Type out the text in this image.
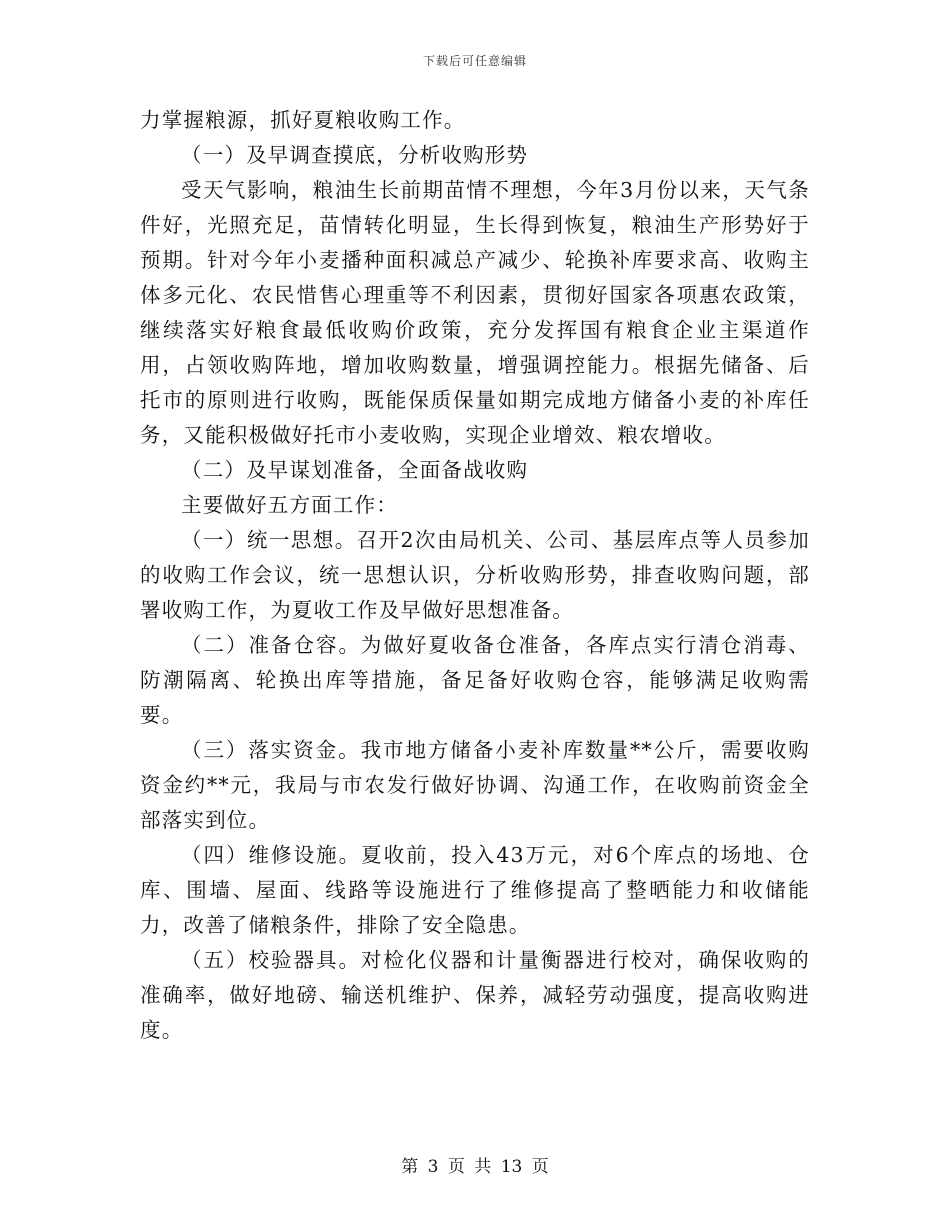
下载后可任意编辑

力掌握粮源，抓好夏粮收购工作。

（一）及早调查摸底，分析收购形势

受天气影响，粮油生长前期苗情不理想，今年3月份以来，天气条件好，光照充足，苗情转化明显，生长得到恢复，粮油生产形势好于预期。针对今年小麦播种面积减总产减少、轮换补库要求高、收购主体多元化、农民惜售心理重等不利因素，贯彻好国家各项惠农政策，继续落实好粮食最低收购价政策，充分发挥国有粮食企业主渠道作用，占领收购阵地，增加收购数量，增强调控能力。根据先储备、后托市的原则进行收购，既能保质保量如期完成地方储备小麦的补库任务，又能积极做好托市小麦收购，实现企业增效、粮农增收。

（二）及早谋划准备，全面备战收购

主要做好五方面工作：

（一）统一思想。召开2次由局机关、公司、基层库点等人员参加的收购工作会议，统一思想认识，分析收购形势，排查收购问题，部署收购工作，为夏收工作及早做好思想准备。

（二）准备仓容。为做好夏收备仓准备，各库点实行清仓消毒、防潮隔离、轮换出库等措施，备足备好收购仓容，能够满足收购需要。

（三）落实资金。我市地方储备小麦补库数量**公斤，需要收购资金约**元，我局与市农发行做好协调、沟通工作，在收购前资金全部落实到位。

（四）维修设施。夏收前，投入43万元，对6个库点的场地、仓库、围墙、屋面、线路等设施进行了维修提高了整晒能力和收储能力，改善了储粮条件，排除了安全隐患。

（五）校验器具。对检化仪器和计量衡器进行校对，确保收购的准确率，做好地磅、输送机维护、保养，减轻劳动强度，提高收购进度。

第 3 页 共 13 页
